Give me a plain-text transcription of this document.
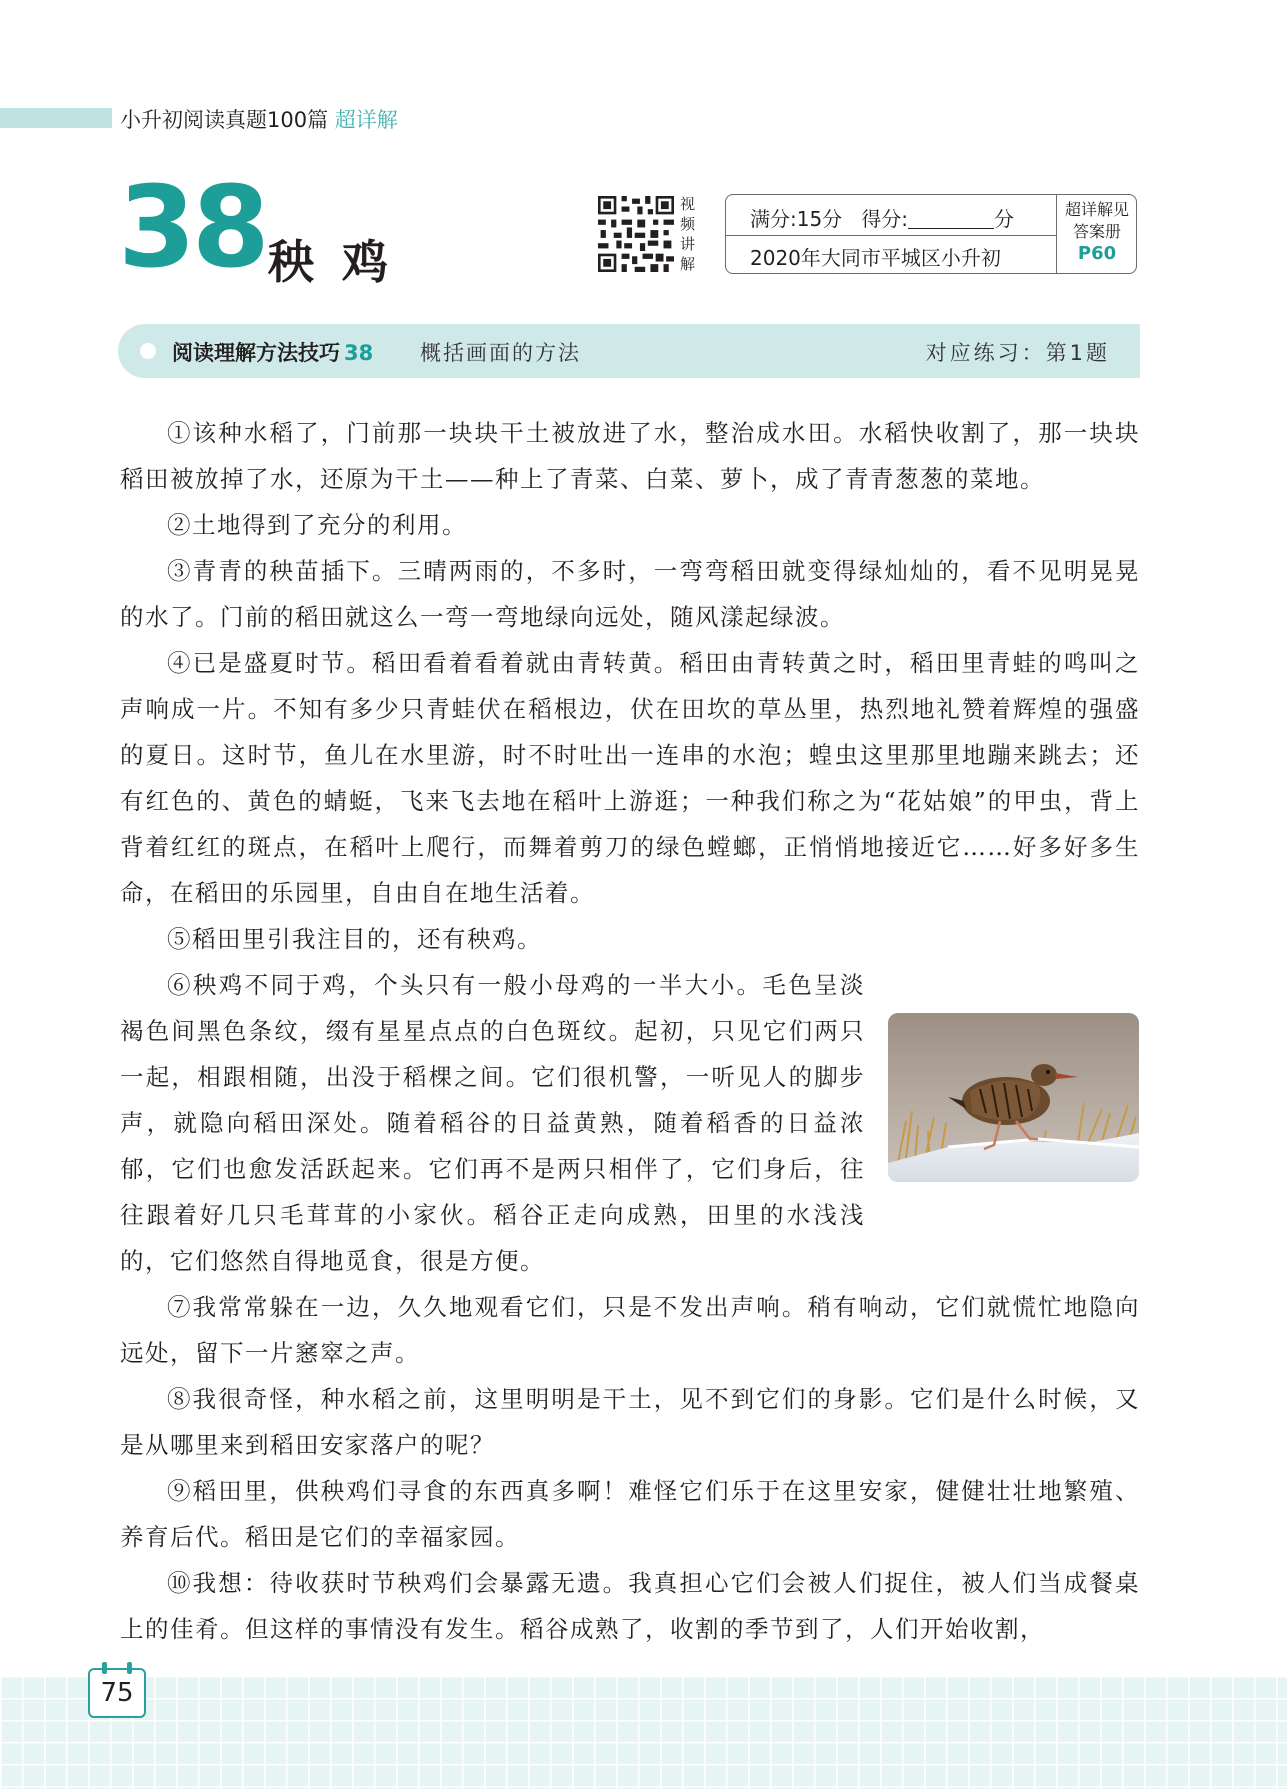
小升初阅读真题100篇 超详解
38 秧鸡
视频讲解
满分:15分 得分:	分
2020年大同市平城区小升初
超详解见
答案册
P60
阅读理解方法技巧 38 概括画面的方法	对应练习：第1题

①该种水稻了，门前那一块块干土被放进了水，整治成水田。水稻快收割了，那一块块稻田被放掉了水，还原为干土——种上了青菜、白菜、萝卜，成了青青葱葱的菜地。

②土地得到了充分的利用。

③青青的秧苗插下。三晴两雨的，不多时，一弯弯稻田就变得绿灿灿的，看不见明晃晃的水了。门前的稻田就这么一弯一弯地绿向远处，随风漾起绿波。

④已是盛夏时节。稻田看着看着就由青转黄。稻田由青转黄之时，稻田里青蛙的鸣叫之声响成一片。不知有多少只青蛙伏在稻根边，伏在田坎的草丛里，热烈地礼赞着辉煌的强盛的夏日。这时节，鱼儿在水里游，时不时吐出一连串的水泡；蝗虫这里那里地蹦来跳去；还有红色的、黄色的蜻蜓，飞来飞去地在稻叶上游逛；一种我们称之为“花姑娘”的甲虫，背上背着红红的斑点，在稻叶上爬行，而舞着剪刀的绿色螳螂，正悄悄地接近它……好多好多生命，在稻田的乐园里，自由自在地生活着。

⑤稻田里引我注目的，还有秧鸡。

⑥秧鸡不同于鸡，个头只有一般小母鸡的一半大小。毛色呈淡褐色间黑色条纹，缀有星星点点的白色斑纹。起初，只见它们两只一起，相跟相随，出没于稻棵之间。它们很机警，一听见人的脚步声，就隐向稻田深处。随着稻谷的日益黄熟，随着稻香的日益浓郁，它们也愈发活跃起来。它们再不是两只相伴了，它们身后，往往跟着好几只毛茸茸的小家伙。稻谷正走向成熟，田里的水浅浅的，它们悠然自得地觅食，很是方便。

⑦我常常躲在一边，久久地观看它们，只是不发出声响。稍有响动，它们就慌忙地隐向远处，留下一片窸窣之声。

⑧我很奇怪，种水稻之前，这里明明是干土，见不到它们的身影。它们是什么时候，又是从哪里来到稻田安家落户的呢？

⑨稻田里，供秧鸡们寻食的东西真多啊！难怪它们乐于在这里安家，健健壮壮地繁殖、养育后代。稻田是它们的幸福家园。

⑩我想：待收获时节秧鸡们会暴露无遗。我真担心它们会被人们捉住，被人们当成餐桌上的佳肴。但这样的事情没有发生。稻谷成熟了，收割的季节到了，人们开始收割，

75
